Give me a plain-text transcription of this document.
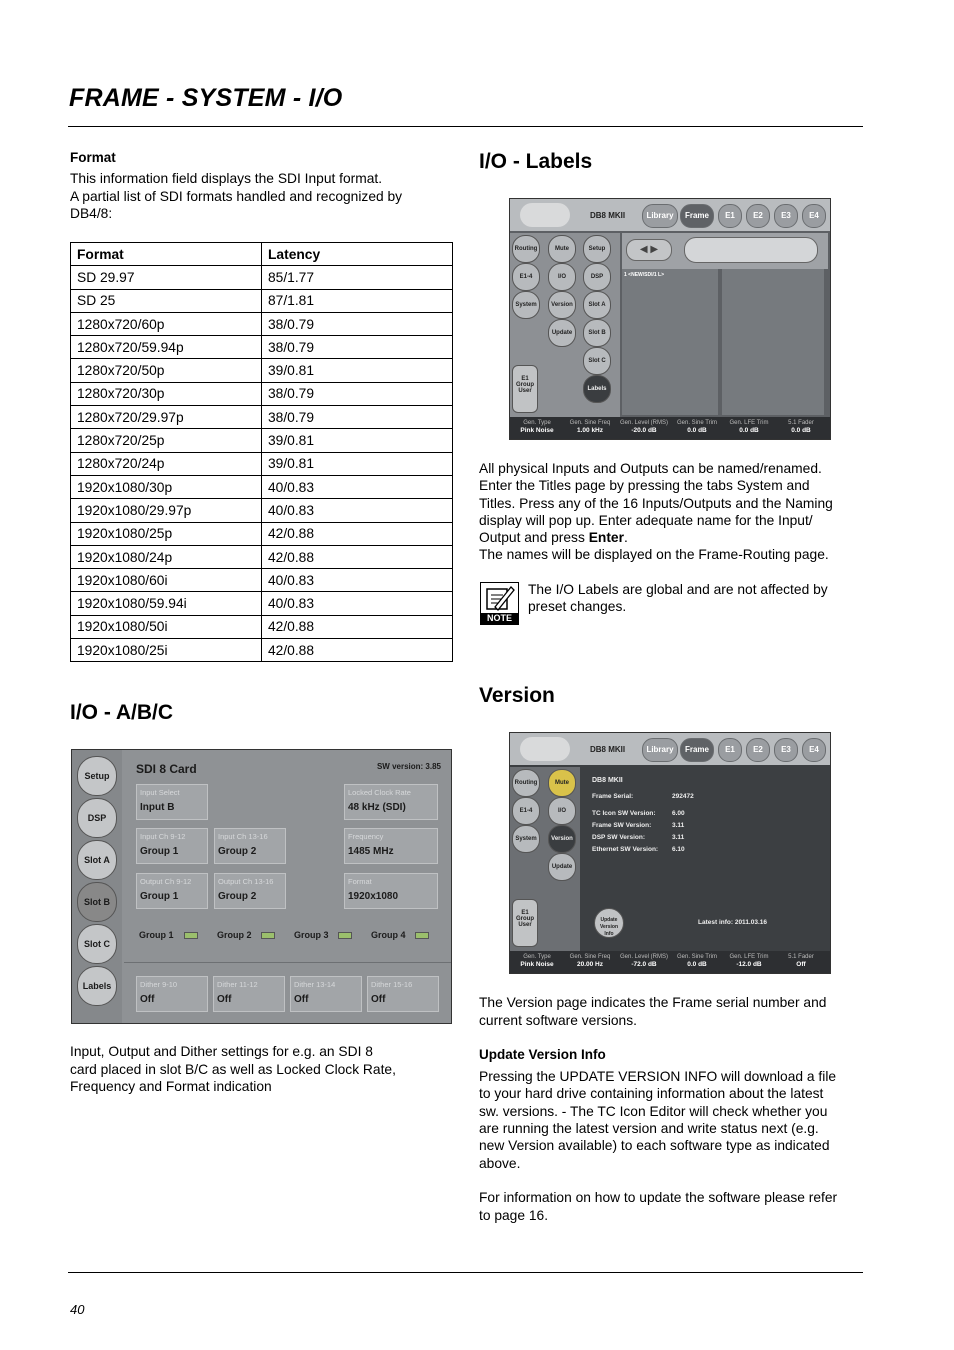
FRAME - SYSTEM - I/O
40
Format
This information field displays the SDI Input format.
A partial list of SDI formats handled and recognized by
DB4/8:
Format	Latency
SD 29.97	85/1.77
SD 25	87/1.81
1280x720/60p	38/0.79
1280x720/59.94p	38/0.79
1280x720/50p	39/0.81
1280x720/30p	38/0.79
1280x720/29.97p	38/0.79
1280x720/25p	39/0.81
1280x720/24p	39/0.81
1920x1080/30p	40/0.83
1920x1080/29.97p	40/0.83
1920x1080/25p	42/0.88
1920x1080/24p	42/0.88
1920x1080/60i	40/0.83
1920x1080/59.94i	40/0.83
1920x1080/50i	42/0.88
1920x1080/25i	42/0.88
I/O - A/B/C
Setup
DSP
Slot A
Slot B
Slot C
Labels
SDI 8 Card	SW version: 3.85
Input Select
Input B
Input Ch 9-12
Group 1
Input Ch 13-16
Group 2
Output Ch 9-12
Group 1
Output Ch 13-16
Group 2
Locked Clock Rate
48 kHz (SDI)
Frequency
1485 MHz
Format
1920x1080
Group 1	Group 2	Group 3	Group 4
Dither 9-10
Off
Dither 11-12
Off
Dither 13-14
Off
Dither 15-16
Off
Input, Output and Dither settings for e.g. an SDI 8
card placed in slot B/C as well as Locked Clock Rate,
Frequency and Format indication
I/O - Labels
DB8 MKII	Library	Frame	E1	E2	E3	E4
Routing	Mute	Setup
E1-4	I/O	DSP
System	Version	Slot A
Update	Slot B
Slot C
Labels
E1 Group User
◀ ▶
1 <NEW/SDI/1 L>
Gen. Type
Pink Noise
Gen. Sine Freq
1.00 kHz
Gen. Level (RMS)
-20.0 dB
Gen. Sine Trim
0.0 dB
Gen. LFE Trim
0.0 dB
5.1 Fader
0.0 dB
All physical Inputs and Outputs can be named/renamed.
Enter the Titles page by pressing the tabs System and
Titles. Press any of the 16 Inputs/Outputs and the Naming
display will pop up. Enter adequate name for the Input/
Output and press Enter.
The names will be displayed on the Frame-Routing page.
NOTE
The I/O Labels are global and are not affected by
preset changes.
Version
DB8 MKII	Library	Frame	E1	E2	E3	E4
Routing	Mute
E1-4	I/O
System	Version
Update
E1 Group User
DB8 MKII
Frame Serial:	292472
TC Icon SW Version:	6.00
Frame SW Version:	3.11
DSP SW Version:	3.11
Ethernet SW Version: 6.10
Update Version Info
Latest info: 2011.03.16
Gen. Type
Pink Noise
Gen. Sine Freq
20.00 Hz
Gen. Level (RMS)
-72.0 dB
Gen. Sine Trim
0.0 dB
Gen. LFE Trim
-12.0 dB
5.1 Fader
Off
The Version page indicates the Frame serial number and
current software versions.
Update Version Info
Pressing the UPDATE VERSION INFO will download a file
to your hard drive containing information about the latest
sw. versions. - The TC Icon Editor will check whether you
are running the latest version and write status next (e.g.
new Version available) to each software type as indicated
above.
For information on how to update the software please refer
to page 16.
